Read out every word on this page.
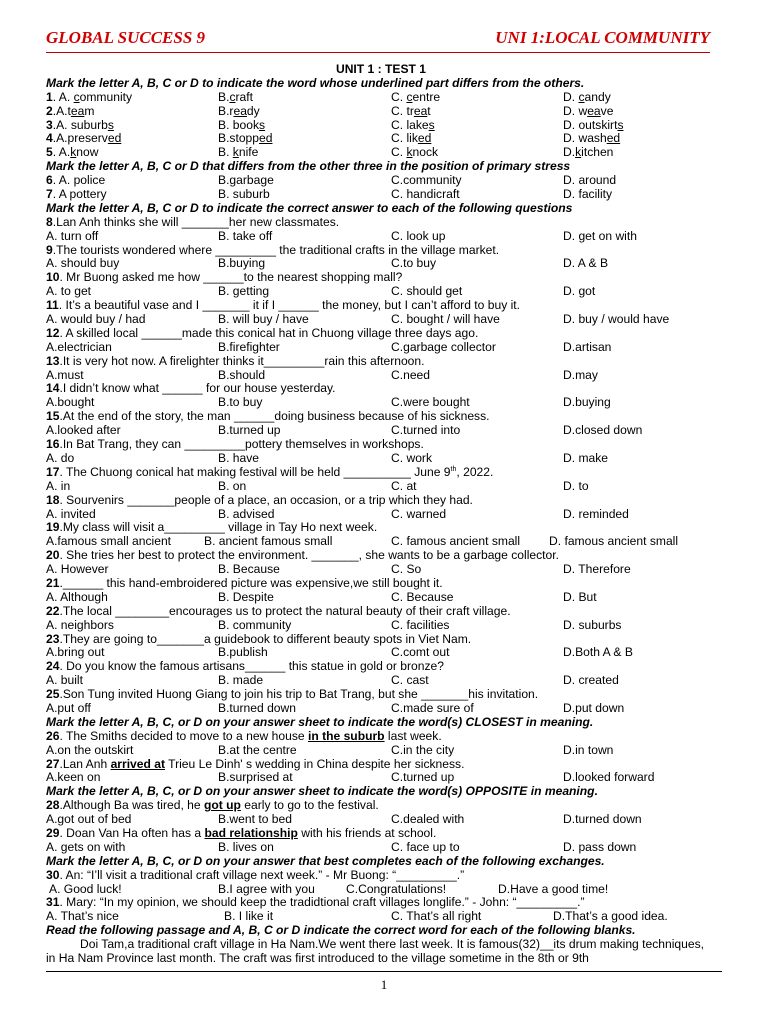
GLOBAL SUCCESS 9	UNI 1:LOCAL COMMUNITY
UNIT 1 : TEST 1
Mark the letter A, B, C or D to indicate the word whose underlined part differs from the others.
1. A. community	B.craft	C. centre	D. candy
2.A.team	B.ready	C. treat	D. weave
3.A. suburbs	B. books	C. lakes	D. outskirts
4.A.preserved	B.stopped	C. liked	D. washed
5. A.know	B. knife	C. knock	D.kitchen
Mark the letter A, B, C or D that differs from the other three in the position of primary stress
6. A. police	B.garbage	C.community	D. around
7. A pottery	B. suburb	C. handicraft	D. facility
Mark the letter A, B, C or D to indicate the correct answer to each of the following questions
8.Lan Anh thinks she will _______her new classmates.
A. turn off	B. take off	C. look up	D. get on with
9.The tourists wondered where _________ the traditional crafts in the village market.
A. should buy	B.buying	C.to buy	D. A & B
10. Mr Buong asked me how ______to the nearest shopping mall?
A. to get	B. getting	C. should get	D. got
11. It’s a beautiful vase and I _______ it if I ______ the money, but I can’t afford to buy it.
A. would buy / had	B. will buy / have	C. bought / will have	D. buy / would have
12. A skilled local ______made this conical hat in Chuong village three days ago.
A.electrician	B.firefighter	C.garbage collector	D.artisan
13.It is very hot now. A firelighter thinks it_________rain this afternoon.
A.must	B.should	C.need	D.may
14.I didn’t know what ______ for our house yesterday.
A.bought	B.to buy	C.were bought	D.buying
15.At the end of the story, the man ______doing business because of his sickness.
A.looked after	B.turned up	C.turned into	D.closed down
16.In Bat Trang, they can _________pottery themselves in workshops.
A. do	B. have	C. work	D. make
17. The Chuong conical hat making festival will be held __________ June 9th, 2022.
A. in	B. on	C. at	D. to
18. Sourvenirs _______people of a place, an occasion, or a trip which they had.
A. invited	B. advised	C. warned	D. reminded
19.My class will visit a_________ village in Tay Ho next week.
A.famous small ancient	B. ancient famous small	C. famous ancient small D. famous ancient small
20. She tries her best to protect the environment. _______, she wants to be a garbage collector.
A. However	B. Because	C. So	D. Therefore
21.______ this hand-embroidered picture was expensive,we still bought it.
A. Although	B. Despite	C. Because	D. But
22.The local ________encourages us to protect the natural beauty of their craft village.
A. neighbors	B. community	C. facilities	D. suburbs
23.They are going to_______a guidebook to different beauty spots in Viet Nam.
A.bring out	B.publish	C.comt out	D.Both A & B
24. Do you know the famous artisans______ this statue in gold or bronze?
A. built	B. made	C. cast	D. created
25.Son Tung invited Huong Giang to join his trip to Bat Trang, but she _______his invitation.
A.put off	B.turned down	C.made sure of	D.put down
Mark the letter A, B, C, or D on your answer sheet to indicate the word(s) CLOSEST in meaning.
26. The Smiths decided to move to a new house in the suburb last week.
A.on the outskirt	B.at the centre	C.in the city	D.in town
27.Lan Anh arrived at Trieu Le Dinh' s wedding in China despite her sickness.
A.keen on	B.surprised at	C.turned up	D.looked forward
Mark the letter A, B, C, or D on your answer sheet to indicate the word(s) OPPOSITE in meaning.
28.Although Ba was tired, he got up early to go to the festival.
A.got out of bed	B.went to bed	C.dealed with	D.turned down
29. Doan Van Ha often has a bad relationship with his friends at school.
A. gets on with	B. lives on	C. face up to	D. pass down
Mark the letter A, B, C, or D on your answer that best completes each of the following exchanges.
30. An: “I’ll visit a traditional craft village next week.” - Mr Buong: “_________.”
A. Good luck!	B.I agree with you	C.Congratulations!	D.Have a good time!
31. Mary: “In my opinion, we should keep the tradidtional craft villages longlife.” - John: “_________.”
A. That’s nice	B. I like it	C. That’s all right	D.That’s a good idea.
Read the following passage and A, B, C or D indicate the correct word for each of the following blanks.
Doi Tam,a traditional craft village in Ha Nam.We went there last week. It is famous(32)__its drum making techniques, in Ha Nam Province last month. The craft was first introduced to the village sometime in the 8th or 9th
1
